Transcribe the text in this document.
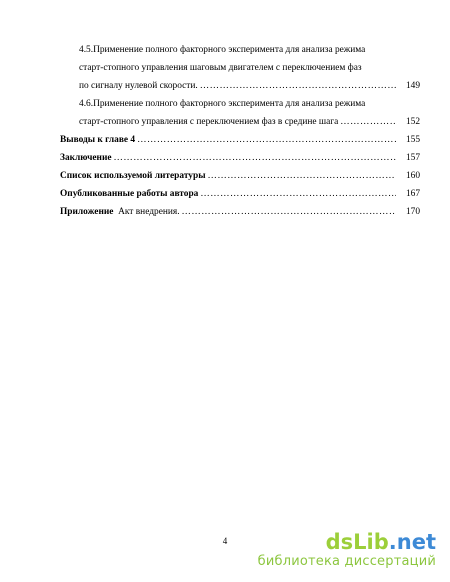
4.5.Применение полного факторного эксперимента для анализа режима
старт-стопного управления шаговым двигателем с переключением фаз
по сигналу нулевой скорости. ……………………………………………………………………………………………………………………	149
4.6.Применение полного факторного эксперимента для анализа режима
старт-стопного управления с переключением фаз в средине шага ……………………………………………………………………………………………………………………	152
Выводы к главе 4 ……………………………………………………………………………………………………………………	155
Заключение ……………………………………………………………………………………………………………………	157
Список используемой литературы ……………………………………………………………………………………………………………………	160
Опубликованные работы автора ……………………………………………………………………………………………………………………	167
Приложение Акт внедрения. ……………………………………………………………………………………………………………………	170
4	dsLib.net
библиотека диссертаций
